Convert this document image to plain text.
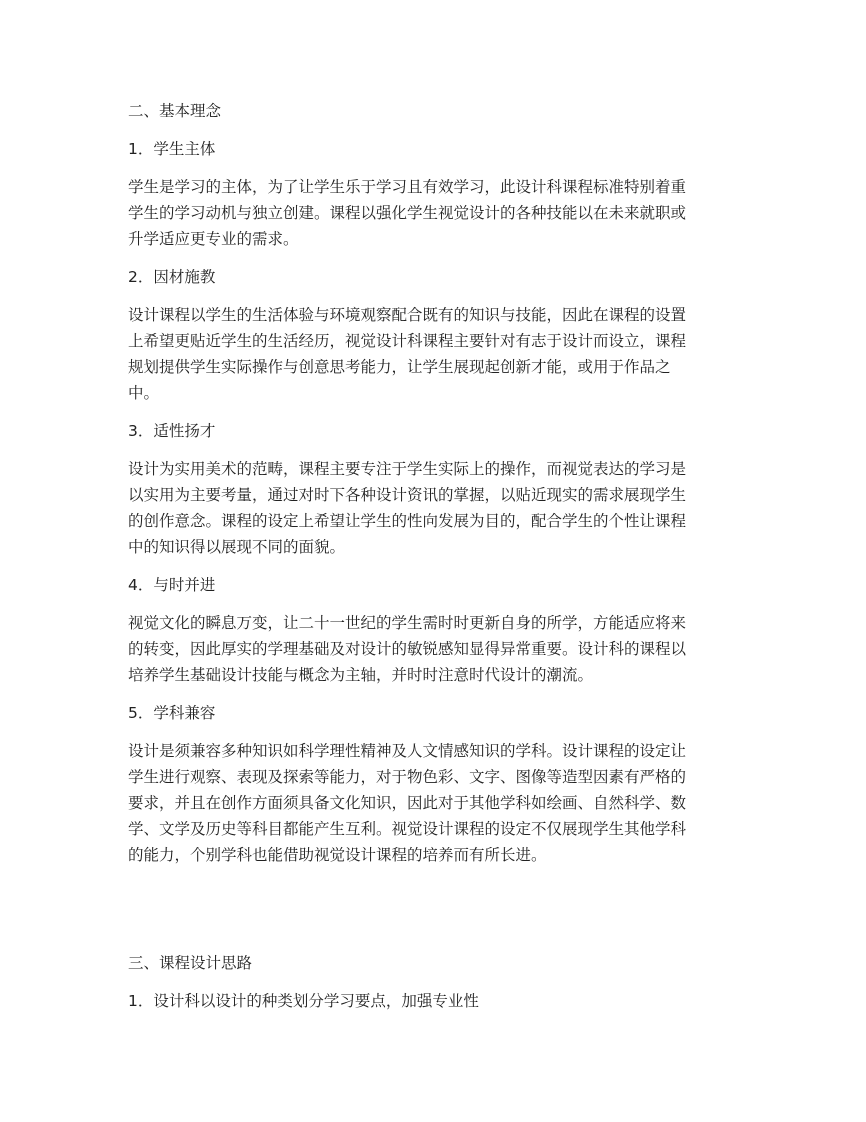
二、基本理念
1．学生主体
学生是学习的主体，为了让学生乐于学习且有效学习，此设计科课程标准特别着重
学生的学习动机与独立创建。课程以强化学生视觉设计的各种技能以在未来就职或
升学适应更专业的需求。
2．因材施教
设计课程以学生的生活体验与环境观察配合既有的知识与技能，因此在课程的设置
上希望更贴近学生的生活经历，视觉设计科课程主要针对有志于设计而设立，课程
规划提供学生实际操作与创意思考能力，让学生展现起创新才能，或用于作品之
中。
3．适性扬才
设计为实用美术的范畴，课程主要专注于学生实际上的操作，而视觉表达的学习是
以实用为主要考量，通过对时下各种设计资讯的掌握，以贴近现实的需求展现学生
的创作意念。课程的设定上希望让学生的性向发展为目的，配合学生的个性让课程
中的知识得以展现不同的面貌。
4．与时并进
视觉文化的瞬息万变，让二十一世纪的学生需时时更新自身的所学，方能适应将来
的转变，因此厚实的学理基础及对设计的敏锐感知显得异常重要。设计科的课程以
培养学生基础设计技能与概念为主轴，并时时注意时代设计的潮流。
5．学科兼容
设计是须兼容多种知识如科学理性精神及人文情感知识的学科。设计课程的设定让
学生进行观察、表现及探索等能力，对于物色彩、文字、图像等造型因素有严格的
要求，并且在创作方面须具备文化知识，因此对于其他学科如绘画、自然科学、数
学、文学及历史等科目都能产生互利。视觉设计课程的设定不仅展现学生其他学科
的能力，个别学科也能借助视觉设计课程的培养而有所长进。
三、课程设计思路
1．设计科以设计的种类划分学习要点，加强专业性
